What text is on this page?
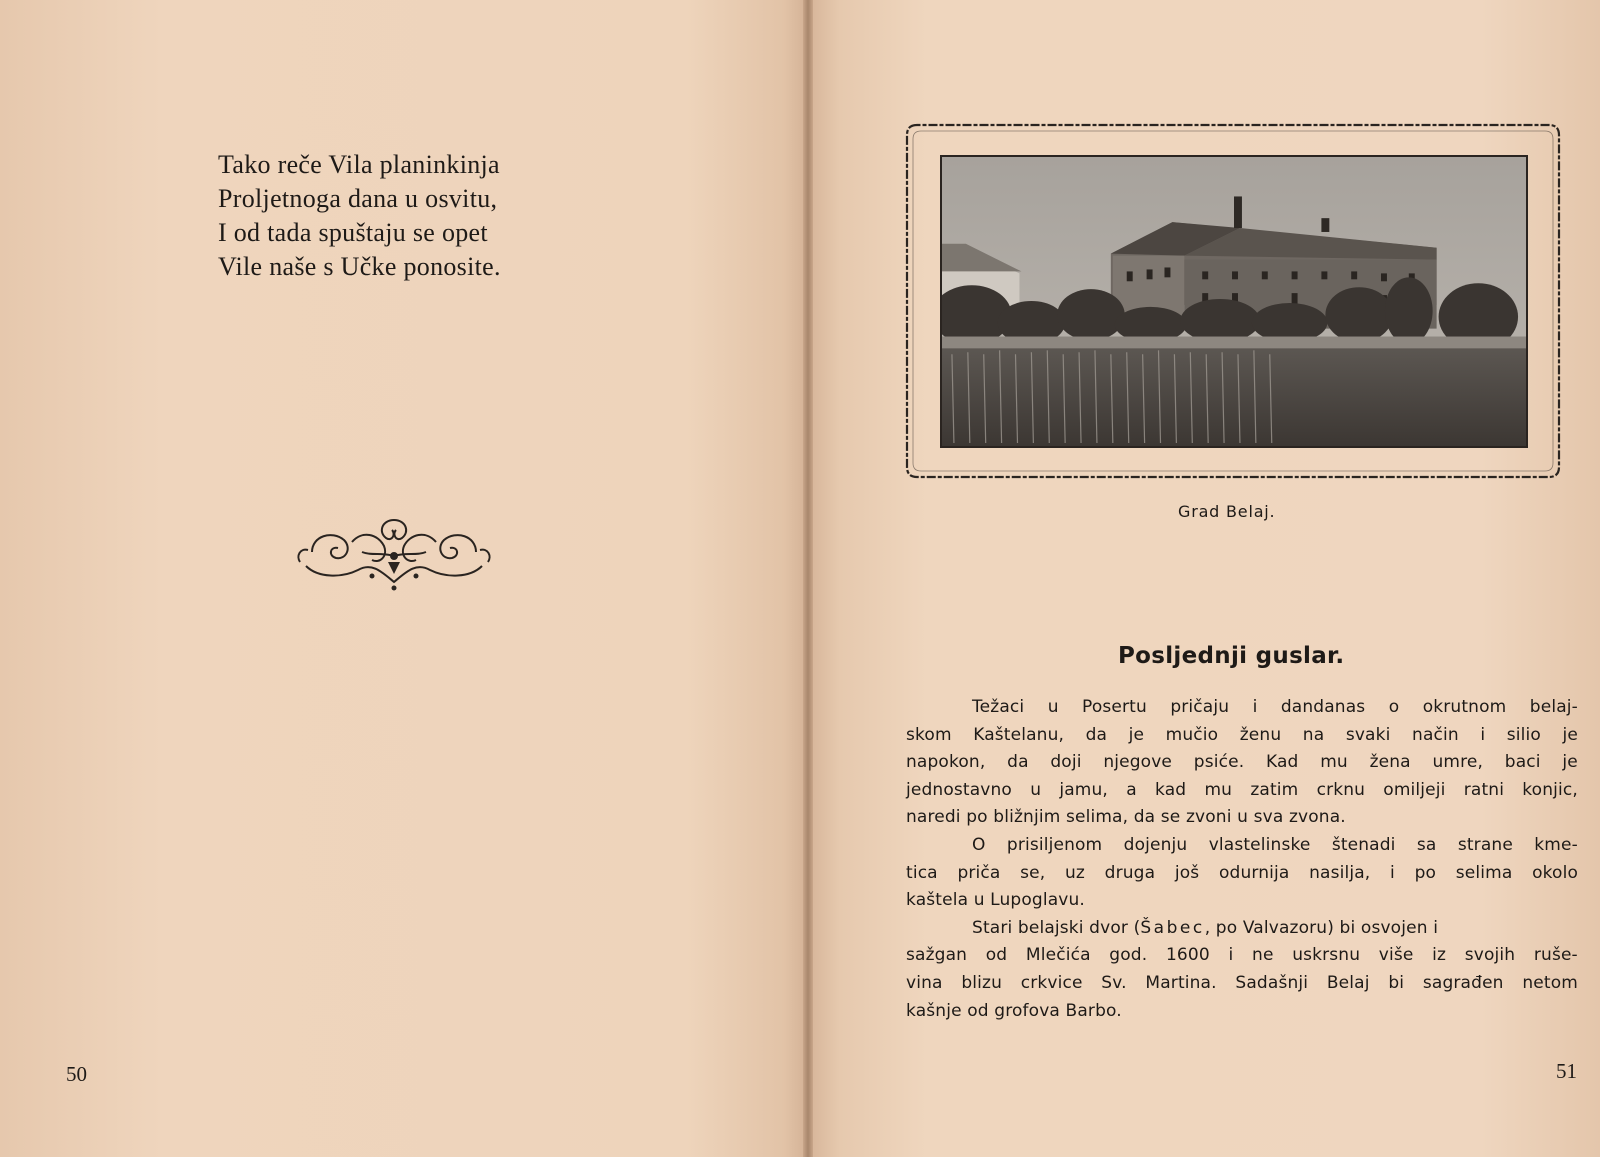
Tako reče Vila planinkinja
Proljetnoga dana u osvitu,
I od tada spuštaju se opet
Vile naše s Učke ponosite.
50
Grad Belaj.
Posljednji guslar.
Težaci u Posertu pričaju i dandanas o okrutnom belaj-
skom Kaštelanu, da je mučio ženu na svaki način i silio je
napokon, da doji njegove psiće. Kad mu žena umre, baci je
jednostavno u jamu, a kad mu zatim crknu omiljeji ratni konjic,
naredi po bližnjim selima, da se zvoni u sva zvona.
O prisiljenom dojenju vlastelinske štenadi sa strane kme-
tica priča se, uz druga još odurnija nasilja, i po selima okolo
kaštela u Lupoglavu.
Stari belajski dvor ( Šabec , po Valvazoru) bi osvojen i
sažgan od Mlečića god. 1600 i ne uskrsnu više iz svojih ruše-
vina blizu crkvice Sv. Martina. Sadašnji Belaj bi sagrađen netom
kašnje od grofova Barbo.
51
